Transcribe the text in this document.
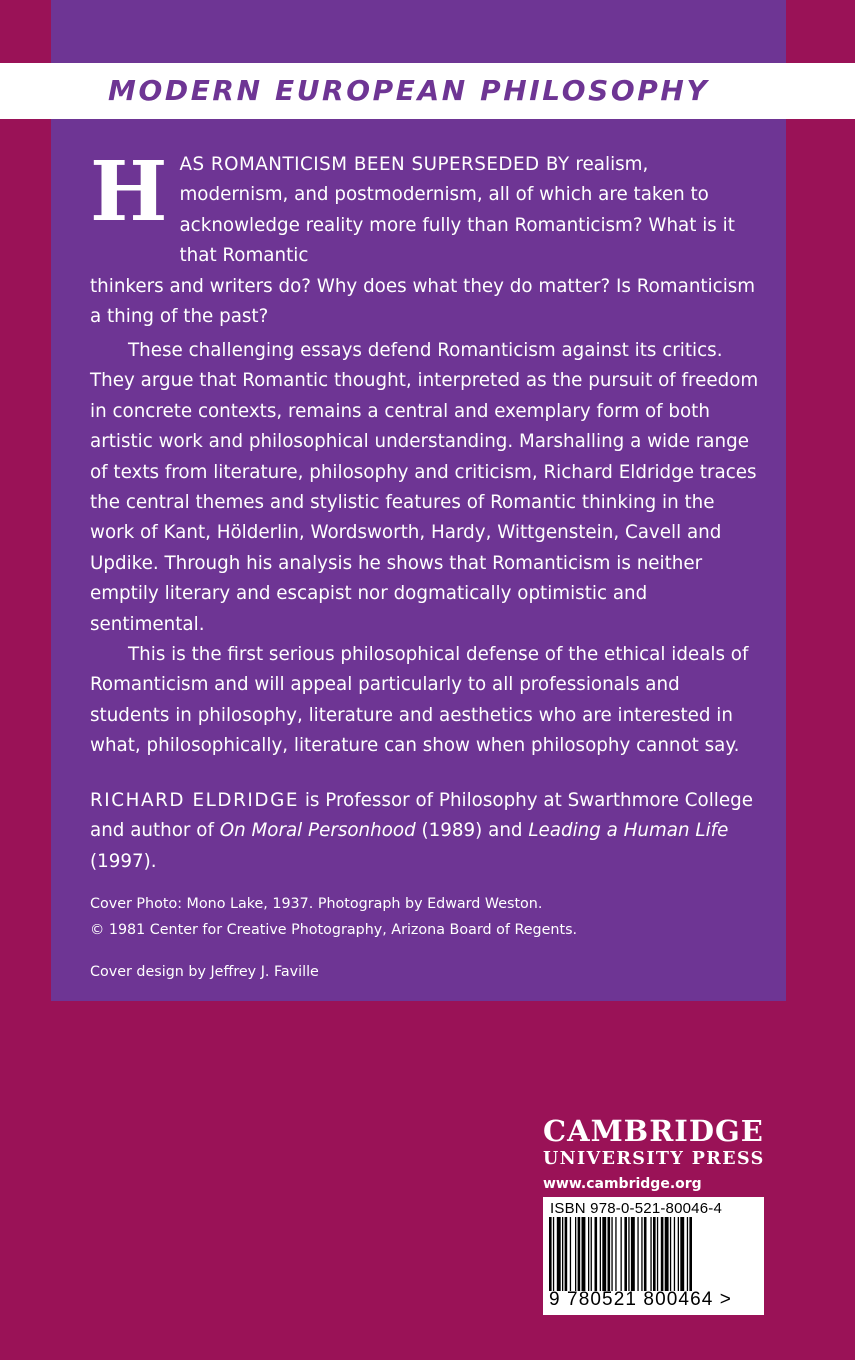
MODERN EUROPEAN PHILOSOPHY
HAS ROMANTICISM BEEN SUPERSEDED BY realism, modernism, and postmodernism, all of which are taken to acknowledge reality more fully than Romanticism? What is it that Romantic
thinkers and writers do? Why does what they do matter? Is Romanticism a thing of the past?

These challenging essays defend Romanticism against its critics. They argue that Romantic thought, interpreted as the pursuit of freedom in concrete contexts, remains a central and exemplary form of both artistic work and philosophical understanding. Marshalling a wide range of texts from literature, philosophy and criticism, Richard Eldridge traces the central themes and stylistic features of Romantic thinking in the work of Kant, Hölderlin, Wordsworth, Hardy, Wittgenstein, Cavell and Updike. Through his analysis he shows that Romanticism is neither emptily literary and escapist nor dogmatically optimistic and sentimental.

This is the first serious philosophical defense of the ethical ideals of Romanticism and will appeal particularly to all professionals and students in philosophy, literature and aesthetics who are interested in what, philosophically, literature can show when philosophy cannot say.

RICHARD ELDRIDGE is Professor of Philosophy at Swarthmore College and author of On Moral Personhood (1989) and Leading a Human Life (1997).
Cover Photo: Mono Lake, 1937. Photograph by Edward Weston.
© 1981 Center for Creative Photography, Arizona Board of Regents.
Cover design by Jeffrey J. Faville
CAMBRIDGE
UNIVERSITY PRESS
www.cambridge.org
ISBN 978-0-521-80046-4
9 780521 800464 >
